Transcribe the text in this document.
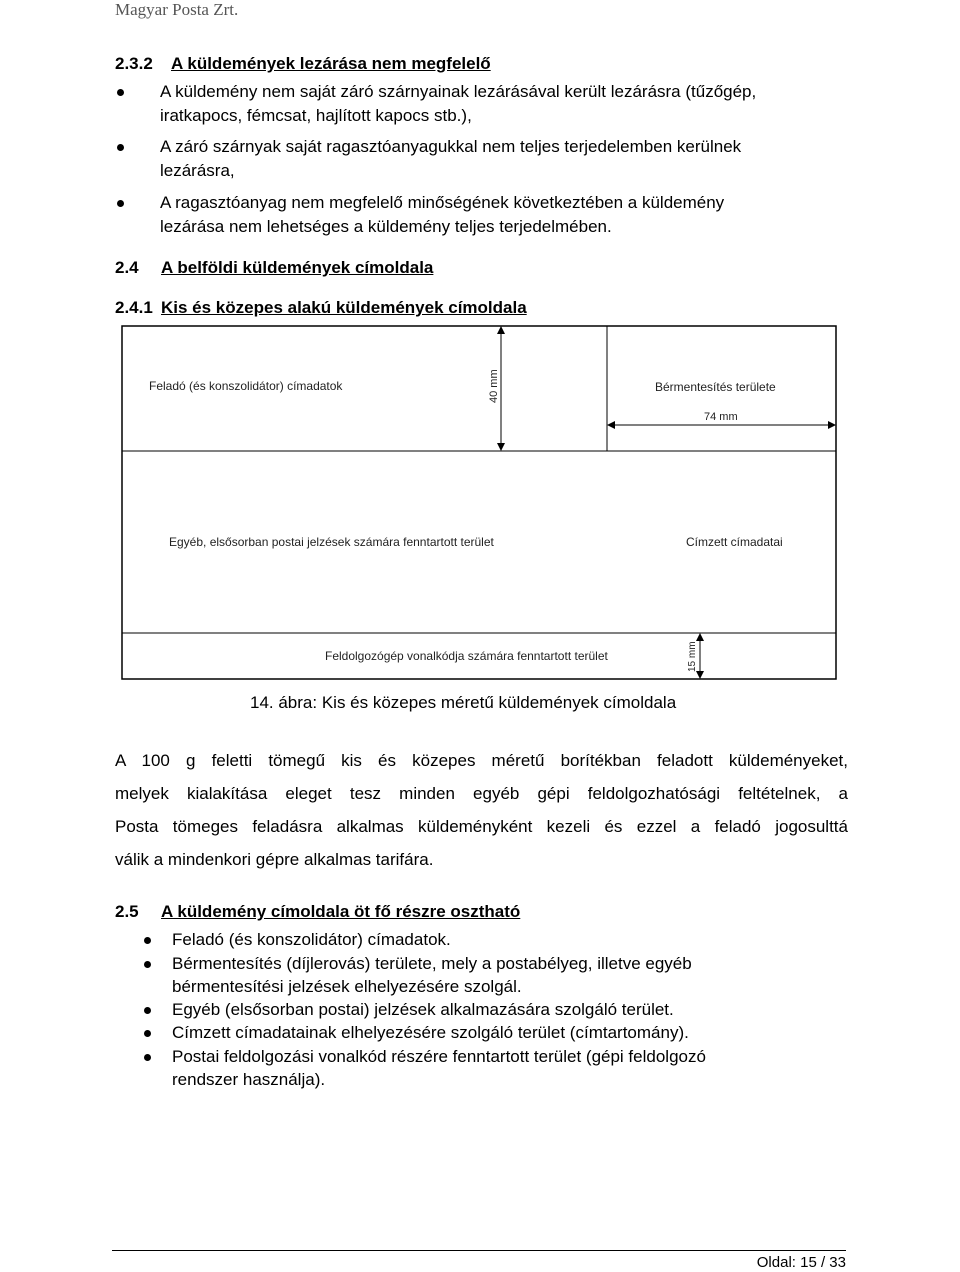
Magyar Posta Zrt.
2.3.2 A küldemények lezárása nem megfelelő
A küldemény nem saját záró szárnyainak lezárásával került lezárásra (tűzőgép,
iratkapocs, fémcsat, hajlított kapocs stb.),
A záró szárnyak saját ragasztóanyagukkal nem teljes terjedelemben kerülnek
lezárásra,
A ragasztóanyag nem megfelelő minőségének következtében a küldemény
lezárása nem lehetséges a küldemény teljes terjedelmében.
2.4 A belföldi küldemények címoldala
2.4.1 Kis és közepes alakú küldemények címoldala
Feladó (és konszolidátor) címadatok	40 mm	Bérmentesítés területe
74 mm
Egyéb, elsősorban postai jelzések számára fenntartott terület	Címzett címadatai
Feldolgozógép vonalkódja számára fenntartott terület	15 mm
14. ábra: Kis és közepes méretű küldemények címoldala
A 100 g feletti tömegű kis és közepes méretű borítékban feladott küldeményeket,
melyek kialakítása eleget tesz minden egyéb gépi feldolgozhatósági feltételnek, a
Posta tömeges feladásra alkalmas küldeményként kezeli és ezzel a feladó jogosulttá
válik a mindenkori gépre alkalmas tarifára.
2.5 A küldemény címoldala öt fő részre osztható
Feladó (és konszolidátor) címadatok.
Bérmentesítés (díjlerovás) területe, mely a postabélyeg, illetve egyéb
bérmentesítési jelzések elhelyezésére szolgál.
Egyéb (elsősorban postai) jelzések alkalmazására szolgáló terület.
Címzett címadatainak elhelyezésére szolgáló terület (címtartomány).
Postai feldolgozási vonalkód részére fenntartott terület (gépi feldolgozó
rendszer használja).
Oldal: 15 / 33
